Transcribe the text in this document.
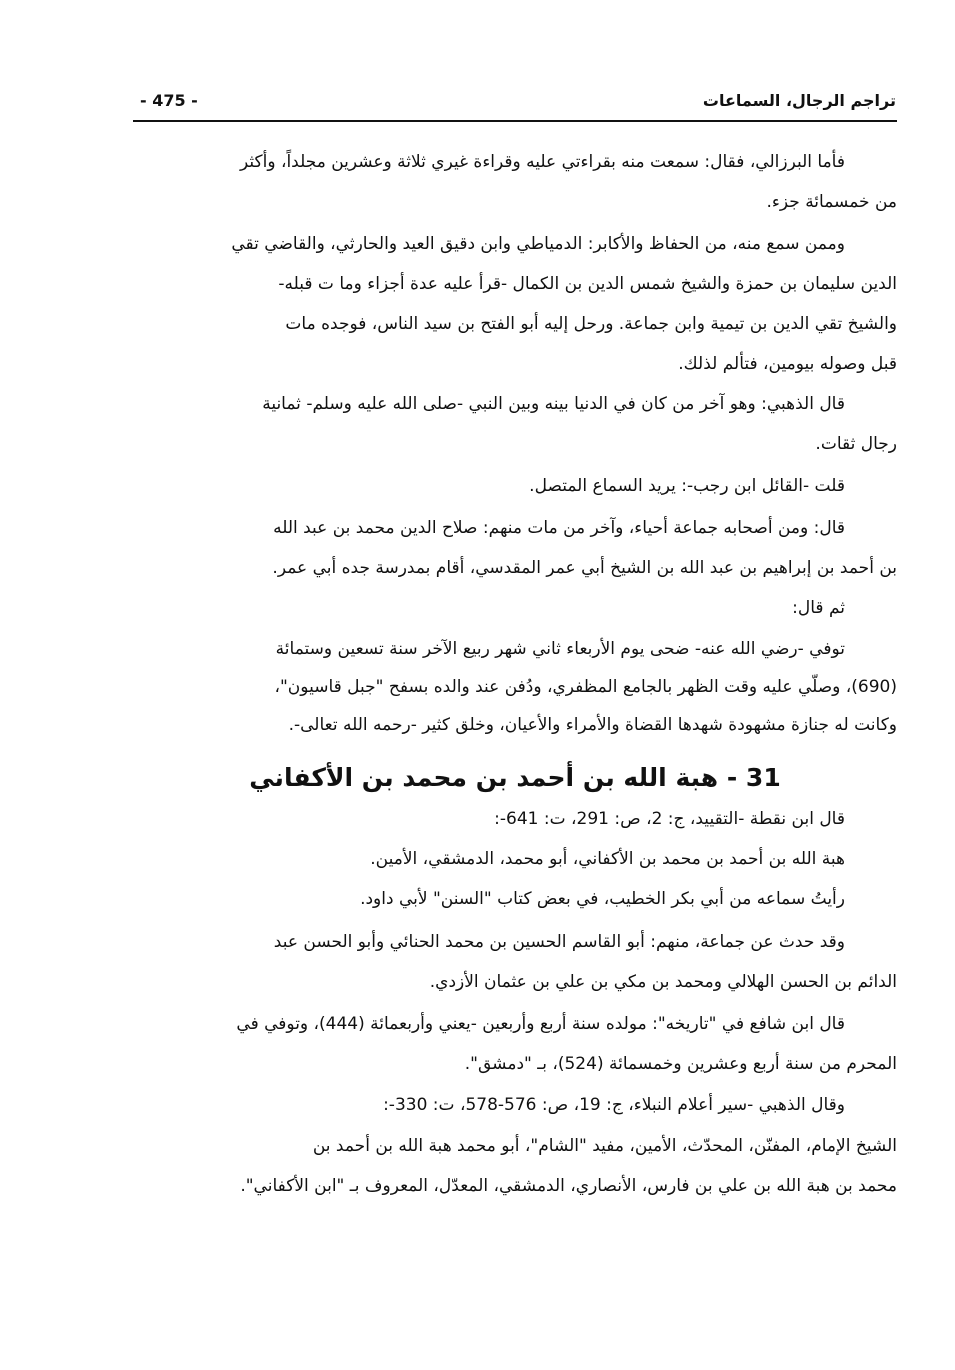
تراجم الرجال، السماعات
- 475 -
فأما البرزالي، فقال: سمعت منه بقراءتي عليه وقراءة غيري ثلاثة وعشرين مجلداً، وأكثر
من خمسمائة جزء.
وممن سمع منه، من الحفاظ والأكابر: الدمياطي وابن دقيق العيد والحارثي، والقاضي تقي
الدين سليمان بن حمزة والشيخ شمس الدين بن الكمال -قرأ عليه عدة أجزاء وما ت قبله-
والشيخ تقي الدين بن تيمية وابن جماعة. ورحل إليه أبو الفتح بن سيد الناس، فوجده مات
قبل وصوله بيومين، فتألم لذلك.
قال الذهبي: وهو آخر من كان في الدنيا بينه وبين النبي -صلى الله عليه وسلم- ثمانية
رجال ثقات.
قلت -القائل ابن رجب-: يريد السماع المتصل.
قال: ومن أصحابه جماعة أحياء، وآخر من مات منهم: صلاح الدين محمد بن عبد الله
بن أحمد بن إبراهيم بن عبد الله بن الشيخ أبي عمر المقدسي، أقام بمدرسة جده أبي عمر.
ثم قال:
توفي -رضي الله عنه- ضحى يوم الأربعاء ثاني شهر ربيع الآخر سنة تسعين وستمائة
(690)، وصلّي عليه وقت الظهر بالجامع المظفري، ودُفن عند والده بسفح "جبل قاسيون"،
وكانت له جنازة مشهودة شهدها القضاة والأمراء والأعيان، وخلق كثير -رحمه الله تعالى-.
31 - هبة الله بن أحمد بن محمد بن الأكفاني
قال ابن نقطة -التقييد، ج: 2، ص: 291، ت: 641-:
هبة الله بن أحمد بن محمد بن الأكفاني، أبو محمد، الدمشقي، الأمين.
رأيتُ سماعه من أبي بكر الخطيب، في بعض كتاب "السنن" لأبي داود.
وقد حدث عن جماعة، منهم: أبو القاسم الحسين بن محمد الحنائي وأبو الحسن عبد
الدائم بن الحسن الهلالي ومحمد بن مكي بن علي بن عثمان الأزدي.
قال ابن شافع في "تاريخه": مولده سنة أربع وأربعين -يعني وأربعمائة (444)، وتوفي في
المحرم من سنة أربع وعشرين وخمسمائة (524)، بـ "دمشق".
وقال الذهبي -سير أعلام النبلاء، ج: 19، ص: 576-578، ت: 330-:
الشيخ الإمام، المفنّن، المحدّث، الأمين، مفيد "الشام"، أبو محمد هبة الله بن أحمد بن
محمد بن هبة الله بن علي بن فارس، الأنصاري، الدمشقي، المعدّل، المعروف بـ "ابن الأكفاني".
